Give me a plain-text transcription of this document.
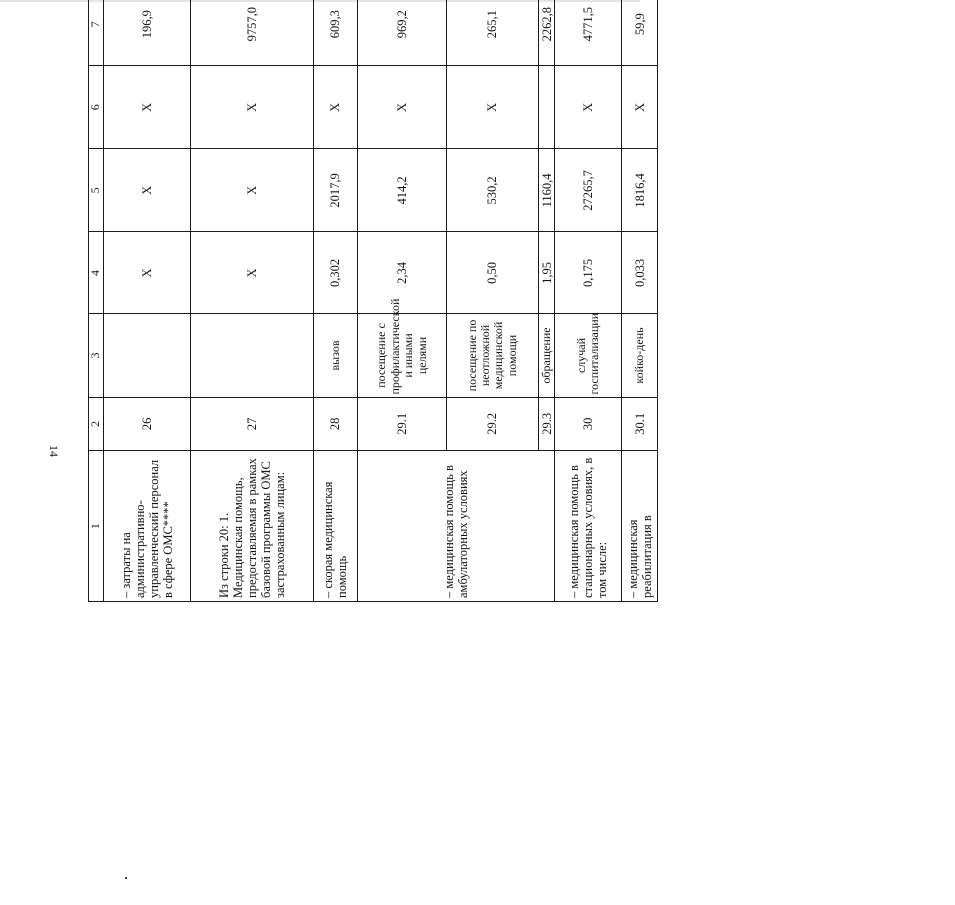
14
1	2	3	4	5	6	7			
– затраты на административно-управленческий персонал в сфере ОМС****	26		X	X	X	196,9			
Из строки 20: 1. Медицинская помощь, предоставляемая в рамках базовой программы ОМС застрахованным лицам:	27		X	X	X	9757,0			
– скорая медицинская помощь	28	вызов	0,302	2017,9	X	609,3			
– медицинская помощь в амбулаторных условиях	29.1	посещение с профилактической и иными целями	2,34	414,2	X	969,2			
	29.2	посещение по неотложной медицинской помощи	0,50	530,2	X	265,1			
	29.3	обращение	1,95	1160,4		2262,8			
– медицинская помощь в стационарных условиях, в том числе:	30	случай госпитализации	0,175	27265,7	X	4771,5			
– медицинская реабилитация в	30.1	койко-день	0,033	1816,4	X	59,9			
